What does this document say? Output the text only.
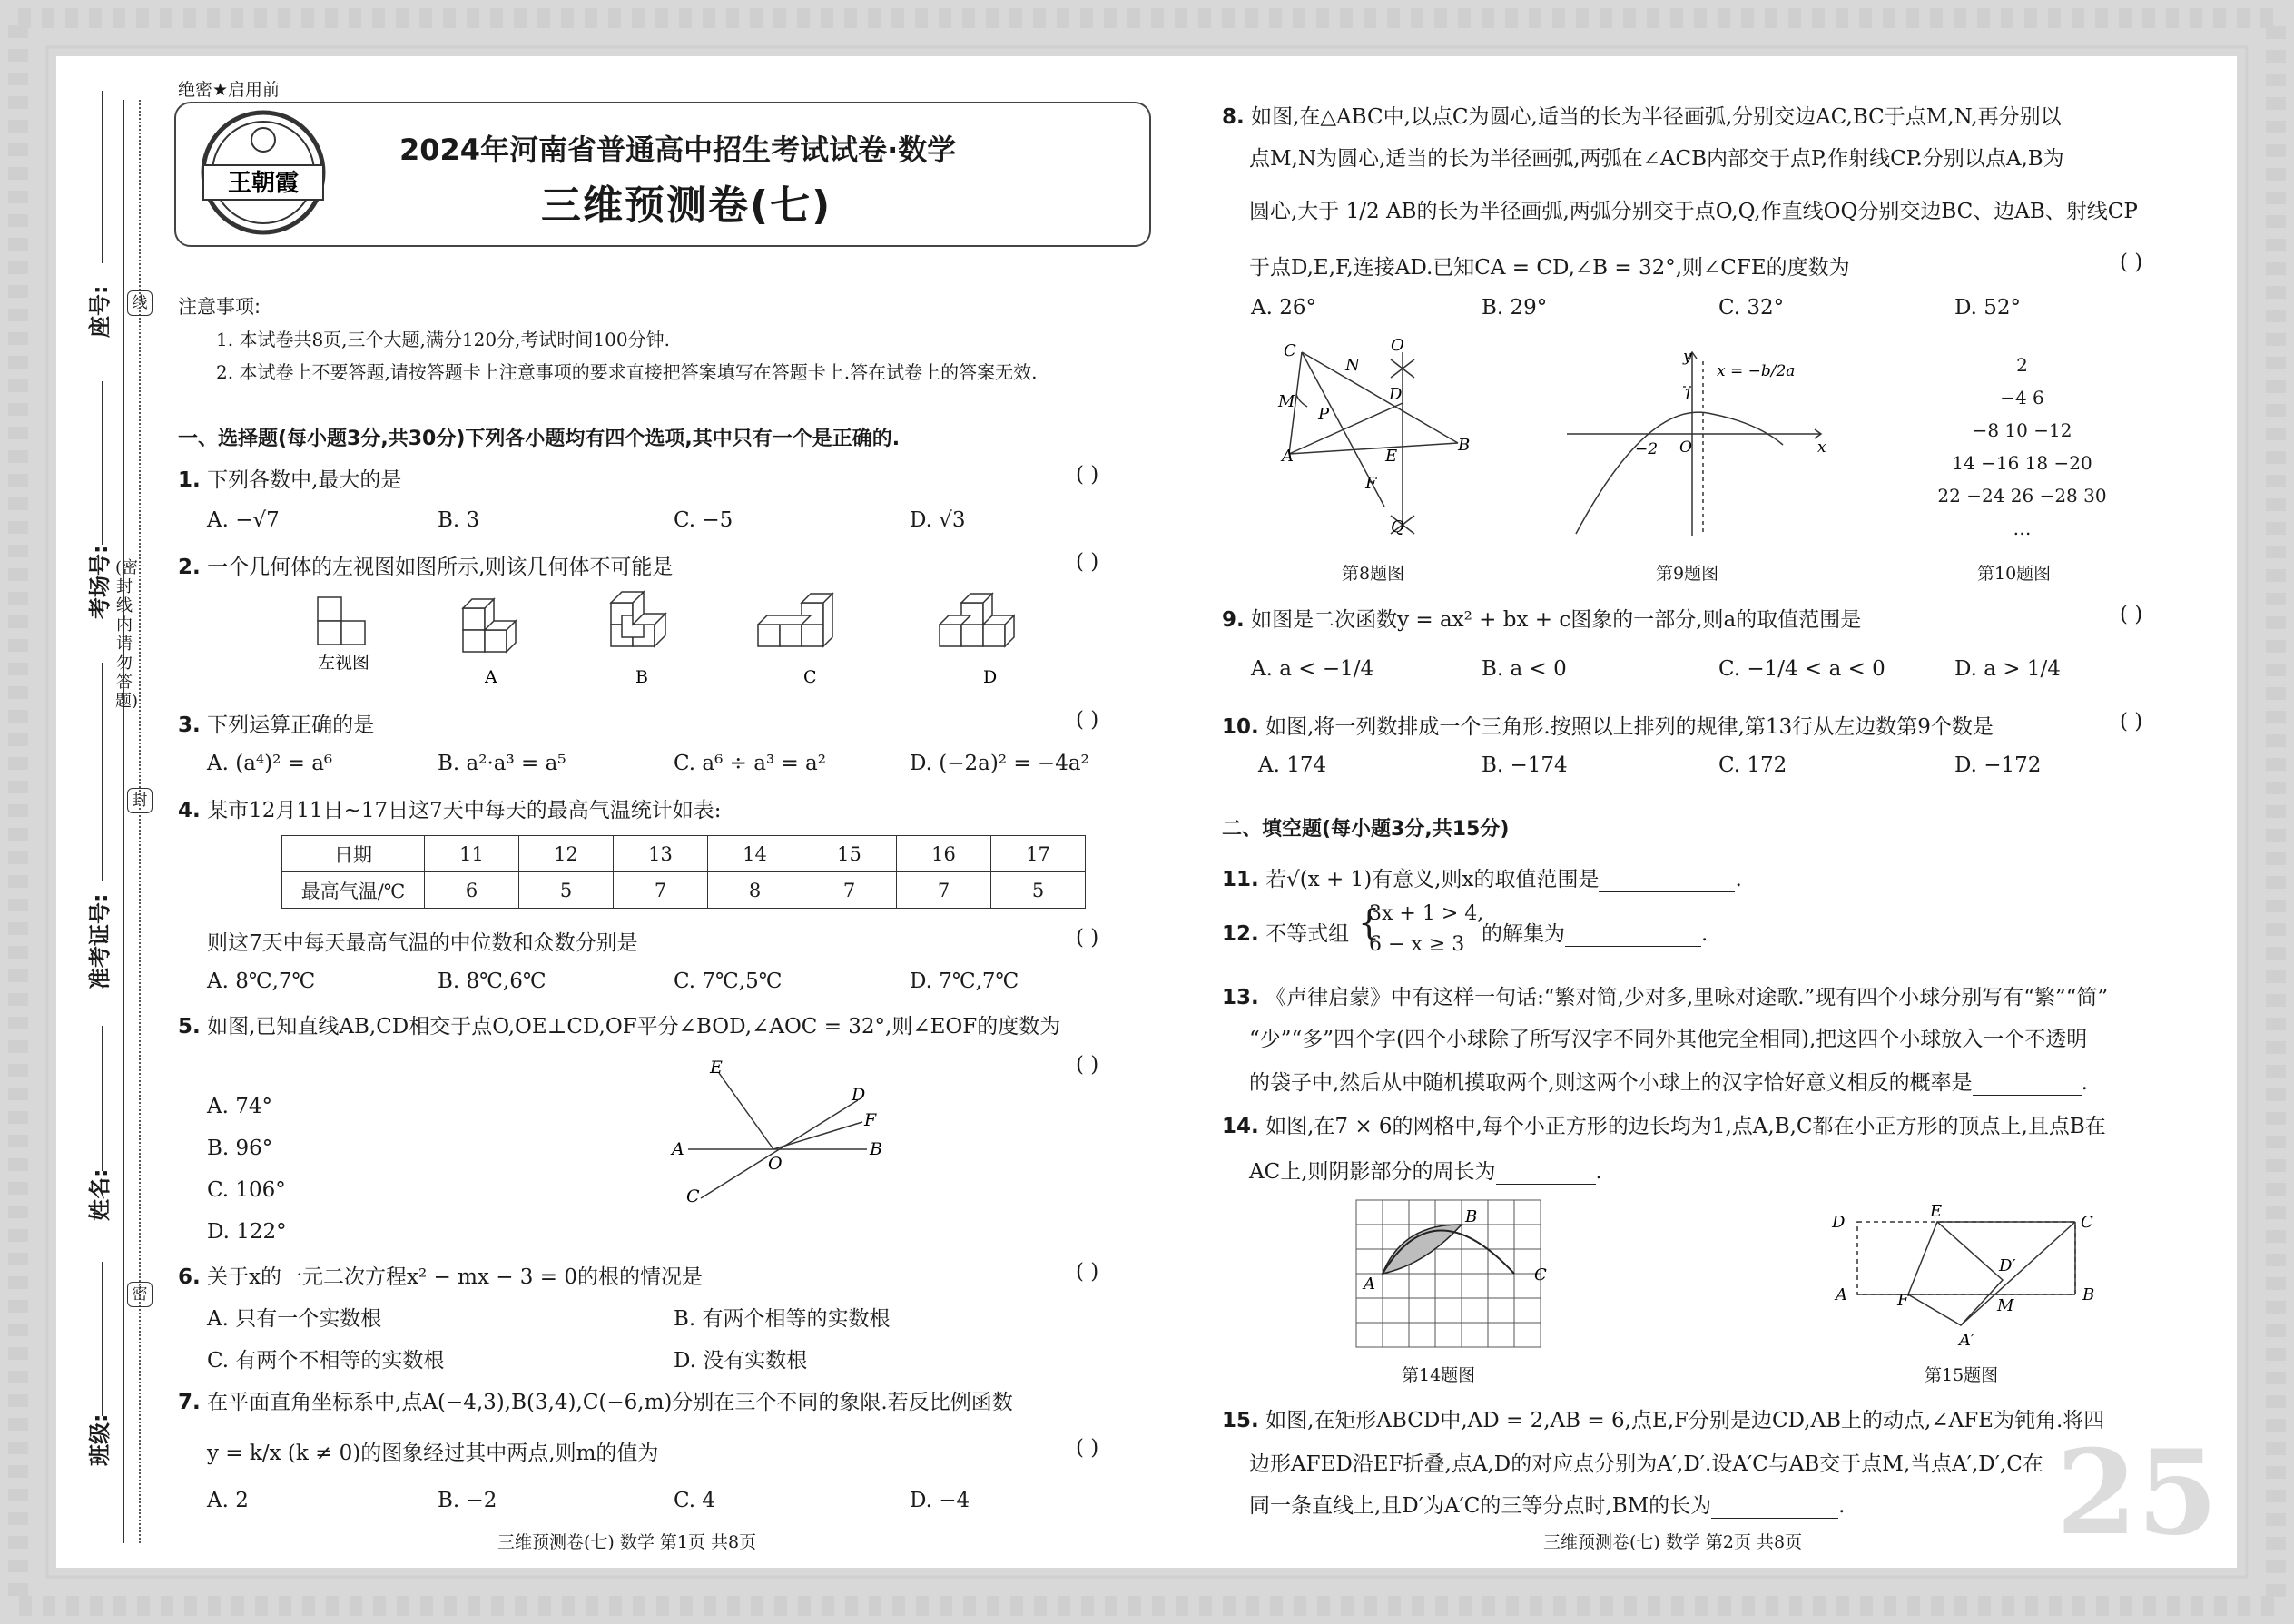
座号:
考场号:
准考证号:
姓名:
班级:
线
封
密
(密封线内请勿答题)
绝密★启用前
王朝霞
2024年河南省普通高中招生考试试卷·数学
三维预测卷(七)
注意事项:
1. 本试卷共8页,三个大题,满分120分,考试时间100分钟.
2. 本试卷上不要答题,请按答题卡上注意事项的要求直接把答案填写在答题卡上.答在试卷上的答案无效.
一、选择题(每小题3分,共30分)下列各小题均有四个选项,其中只有一个是正确的.
1. 下列各数中,最大的是	( )
A. −√7	B. 3	C. −5	D. √3
2. 一个几何体的左视图如图所示,则该几何体不可能是	( )
左视图
A	B	C	D
3. 下列运算正确的是	( )
A. (a⁴)² = a⁶	B. a²·a³ = a⁵	C. a⁶ ÷ a³ = a²	D. (−2a)² = −4a²
4. 某市12月11日~17日这7天中每天的最高气温统计如表:
日期	11	12	13	14	15	16	17
最高气温/℃	6	5	7	8	7	7	5
则这7天中每天最高气温的中位数和众数分别是	( )
A. 8℃,7℃	B. 8℃,6℃	C. 7℃,5℃	D. 7℃,7℃
5. 如图,已知直线AB,CD相交于点O,OE⊥CD,OF平分∠BOD,∠AOC = 32°,则∠EOF的度数为
( )
A. 74°
B. 96°
C. 106°
D. 122°
E
D
F
A
O
B
C
6. 关于x的一元二次方程x² − mx − 3 = 0的根的情况是	( )
A. 只有一个实数根	B. 有两个相等的实数根
C. 有两个不相等的实数根	D. 没有实数根
7. 在平面直角坐标系中,点A(−4,3),B(3,4),C(−6,m)分别在三个不同的象限.若反比例函数
y = k/x (k ≠ 0)的图象经过其中两点,则m的值为	( )
A. 2	B. −2	C. 4	D. −4
三维预测卷(七) 数学 第1页 共8页
8. 如图,在△ABC中,以点C为圆心,适当的长为半径画弧,分别交边AC,BC于点M,N,再分别以
点M,N为圆心,适当的长为半径画弧,两弧在∠ACB内部交于点P,作射线CP.分别以点A,B为
圆心,大于 1/2 AB的长为半径画弧,两弧分别交于点O,Q,作直线OQ分别交边BC、边AB、射线CP
于点D,E,F,连接AD.已知CA = CD,∠B = 32°,则∠CFE的度数为	( )
A. 26°	B. 29°	C. 32°	D. 52°
C
N
O
D
M
P
A	E
B
F
Q
第8题图
y
x = −b/2a
1
−2 O	x
第9题图
2
−4 6
−8 10 −12
14 −16 18 −20
22 −24 26 −28 30
…
第10题图
9. 如图是二次函数y = ax² + bx + c图象的一部分,则a的取值范围是	( )
A. a < −1/4	B. a < 0	C. −1/4 < a < 0	D. a > 1/4
10. 如图,将一列数排成一个三角形.按照以上排列的规律,第13行从左边数第9个数是	( )
A. 174	B. −174	C. 172	D. −172
二、填空题(每小题3分,共15分)
11. 若√(x + 1)有意义,则x的取值范围是	.
12. 不等式组 {
3x + 1 > 4,
6 − x ≥ 3 的解集为	.
13. 《声律启蒙》中有这样一句话:“繁对简,少对多,里咏对途歌.”现有四个小球分别写有“繁”“简”
“少”“多”四个字(四个小球除了所写汉字不同外其他完全相同),把这四个小球放入一个不透明
的袋子中,然后从中随机摸取两个,则这两个小球上的汉字恰好意义相反的概率是	.
14. 如图,在7 × 6的网格中,每个小正方形的边长均为1,点A,B,C都在小正方形的顶点上,且点B在
AC上,则阴影部分的周长为	.
B
A	C
第14题图
D
E
C
D′
A	F	M
B
A′
第15题图
15. 如图,在矩形ABCD中,AD = 2,AB = 6,点E,F分别是边CD,AB上的动点,∠AFE为钝角.将四
边形AFED沿EF折叠,点A,D的对应点分别为A′,D′.设A′C与AB交于点M,当点A′,D′,C在
同一条直线上,且D′为A′C的三等分点时,BM的长为	. 25
三维预测卷(七) 数学 第2页 共8页
